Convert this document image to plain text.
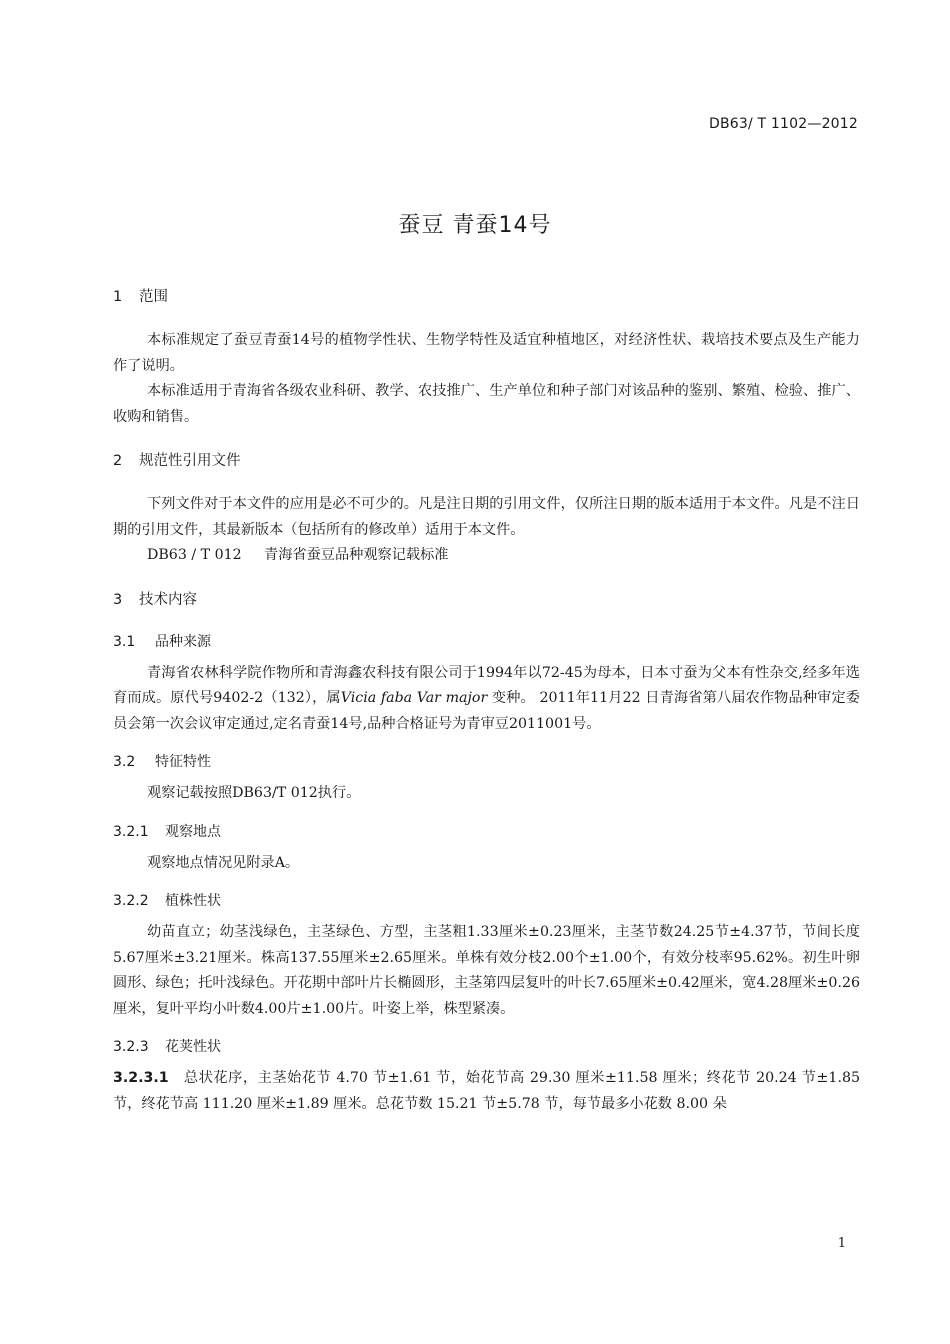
DB63/ T 1102—2012
蚕豆 青蚕14号
1 范围

本标准规定了蚕豆青蚕14号的植物学性状、生物学特性及适宜种植地区，对经济性状、栽培技术要点及生产能力作了说明。

本标准适用于青海省各级农业科研、教学、农技推广、生产单位和种子部门对该品种的鉴别、繁殖、检验、推广、收购和销售。

2 规范性引用文件

下列文件对于本文件的应用是必不可少的。凡是注日期的引用文件，仅所注日期的版本适用于本文件。凡是不注日期的引用文件，其最新版本（包括所有的修改单）适用于本文件。

DB63 / T 012 青海省蚕豆品种观察记载标准

3 技术内容
3.1 品种来源

青海省农林科学院作物所和青海鑫农科技有限公司于1994年以72-45为母本，日本寸蚕为父本有性杂交,经多年选育而成。原代号9402-2（132），属Vicia faba Var major 变种。 2011年11月22 日青海省第八届农作物品种审定委员会第一次会议审定通过,定名青蚕14号,品种合格证号为青审豆2011001号。

3.2 特征特性

观察记载按照DB63/T 012执行。

3.2.1 观察地点

观察地点情况见附录A。

3.2.2 植株性状

幼苗直立；幼茎浅绿色，主茎绿色、方型，主茎粗1.33厘米±0.23厘米，主茎节数24.25节±4.37节，节间长度5.67厘米±3.21厘米。株高137.55厘米±2.65厘米。单株有效分枝2.00个±1.00个，有效分枝率95.62%。初生叶卵圆形、绿色；托叶浅绿色。开花期中部叶片长椭圆形，主茎第四层复叶的叶长7.65厘米±0.42厘米，宽4.28厘米±0.26厘米，复叶平均小叶数4.00片±1.00片。叶姿上举，株型紧凑。

3.2.3 花荚性状

3.2.3.1 总状花序，主茎始花节 4.70 节±1.61 节，始花节高 29.30 厘米±11.58 厘米；终花节 20.24 节±1.85 节，终花节高 111.20 厘米±1.89 厘米。总花节数 15.21 节±5.78 节，每节最多小花数 8.00 朵

1
